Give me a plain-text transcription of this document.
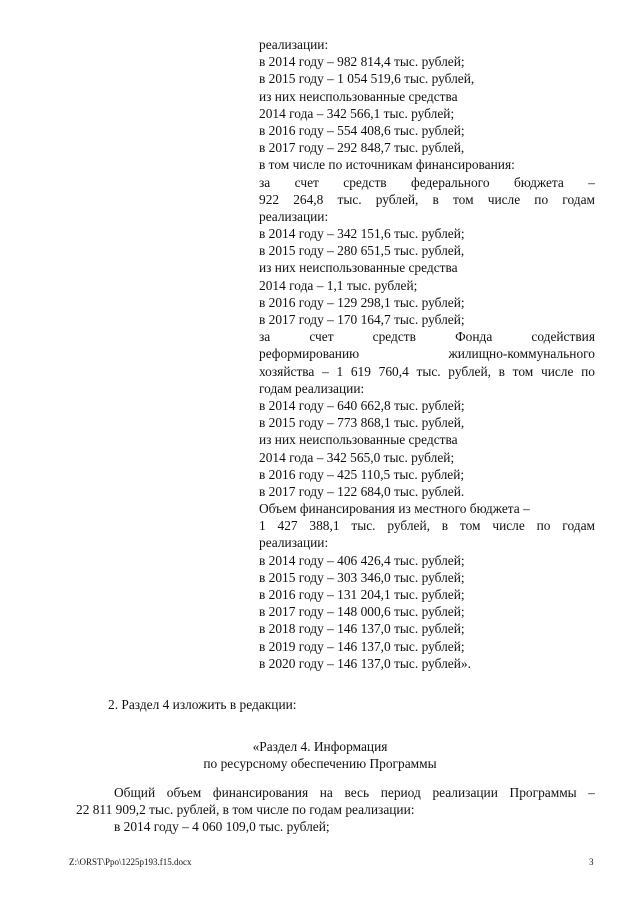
реализации:
в 2014 году – 982 814,4 тыс. рублей;
в 2015 году – 1 054 519,6 тыс. рублей,
из них неиспользованные средства
2014 года – 342 566,1 тыс. рублей;
в 2016 году – 554 408,6 тыс. рублей;
в 2017 году – 292 848,7 тыс. рублей,
в том числе по источникам финансирования:
за счет средств федерального бюджета –
922 264,8 тыс. рублей, в том числе по годам
реализации:
в 2014 году – 342 151,6 тыс. рублей;
в 2015 году – 280 651,5 тыс. рублей,
из них неиспользованные средства
2014 года – 1,1 тыс. рублей;
в 2016 году – 129 298,1 тыс. рублей;
в 2017 году – 170 164,7 тыс. рублей;
за счет средств Фонда содействия
реформированию жилищно-коммунального
хозяйства – 1 619 760,4 тыс. рублей, в том числе по
годам реализации:
в 2014 году – 640 662,8 тыс. рублей;
в 2015 году – 773 868,1 тыс. рублей,
из них неиспользованные средства
2014 года – 342 565,0 тыс. рублей;
в 2016 году – 425 110,5 тыс. рублей;
в 2017 году – 122 684,0 тыс. рублей.
Объем финансирования из местного бюджета –
1 427 388,1 тыс. рублей, в том числе по годам
реализации:
в 2014 году – 406 426,4 тыс. рублей;
в 2015 году – 303 346,0 тыс. рублей;
в 2016 году – 131 204,1 тыс. рублей;
в 2017 году – 148 000,6 тыс. рублей;
в 2018 году – 146 137,0 тыс. рублей;
в 2019 году – 146 137,0 тыс. рублей;
в 2020 году – 146 137,0 тыс. рублей».
2. Раздел 4 изложить в редакции:
«Раздел 4. Информация
по ресурсному обеспечению Программы
Общий объем финансирования на весь период реализации Программы –
22 811 909,2 тыс. рублей, в том числе по годам реализации:
в 2014 году – 4 060 109,0 тыс. рублей;
Z:\ORST\Ppo\1225p193.f15.docx	3
